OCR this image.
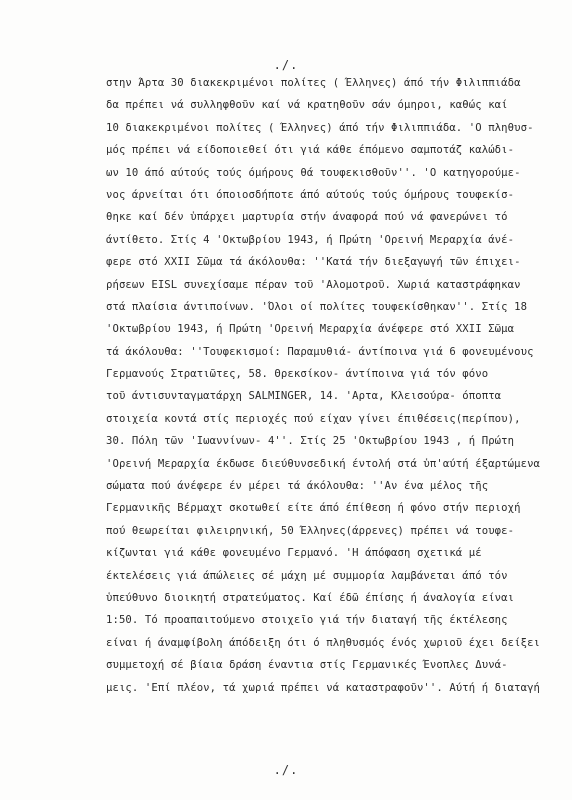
./.
στην Άρτα 30 διακεκριμένοι πολίτες ( Έλληνες) άπό τήν Φιλιππιάδα
δα πρέπει νά συλληφθοῦν καί νά κρατηθοῦν σάν όμηροι, καθώς καί
10 διακεκριμένοι πολίτες ( Έλληνες) άπό τήν Φιλιππιάδα. 'Ο πληθυσ-
μός πρέπει νά είδοποιεθεί ότι γιά κάθε έπόμενο σαμποτάζ καλώδι-
ων 10 άπό αύτούς τούς όμήρους θά τουφεκισθοῦν''. 'Ο κατηγορούμε-
νος άρνείται ότι όποιοσδήποτε άπό αύτούς τούς όμήρους τουφεκίσ-
θηκε καί δέν ὑπάρχει μαρτυρία στήν άναφορά πού νά φανερώνει τό
άντίθετο. Στίς 4 'Οκτωβρίου 1943, ή Πρώτη 'Ορεινή Μεραρχία άνέ-
φερε στό XXII Σῶμα τά άκόλουθα: ''Κατά τήν διεξαγωγή τῶν έπιχει-
ρήσεων EISL συνεχίσαμε πέραν τοῦ 'Αλομοτροῦ. Χωριά καταστράφηκαν
στά πλαίσια άντιποίνων. 'Όλοι οί πολίτες τουφεκίσθηκαν''. Στίς 18
'Οκτωβρίου 1943, ή Πρώτη 'Ορεινή Μεραρχία άνέφερε στό XXII Σῶμα
τά άκόλουθα: ''Τουφεκισμοί: Παραμυθιά- άντίποινα γιά 6 φονευμένους
Γερμανούς Στρατιῶτες, 58. Θρεκσίκον- άντίποινα γιά τόν φόνο
τοῦ άντισυνταγματάρχη SALMINGER, 14. 'Αρτα, Κλεισούρα- όποπτα
στοιχεία κοντά στίς περιοχές πού είχαν γίνει έπιθέσεις(περίπου),
30. Πόλη τῶν 'Ιωαννίνων- 4''. Στίς 25 'Οκτωβρίου 1943 , ή Πρώτη
'Ορεινή Μεραρχία έκδωσε διεύθυνσεδική έντολή στά ὑπ'αύτή έξαρτώμενα
σώματα πού άνέφερε έν μέρει τά άκόλουθα: ''Αν ένα μέλος τῆς
Γερμανικῆς Βέρμαχτ σκοτωθεί είτε άπό έπίθεση ή φόνο στήν περιοχή
πού θεωρείται φιλειρηνική, 50 Έλληνες(άρρενες) πρέπει νά τουφε-
κίζωνται γιά κάθε φονευμένο Γερμανό. 'Η άπόφαση σχετικά μέ
έκτελέσεις γιά άπώλειες σέ μάχη μέ συμμορία λαμβάνεται άπό τόν
ὑπεύθυνο διοικητή στρατεύματος. Καί έδῶ έπίσης ή άναλογία είναι
1:50. Τό προαπαιτούμενο στοιχεῖο γιά τήν διαταγή τῆς έκτέλεσης
είναι ή άναμφίβολη άπόδειξη ότι ό πληθυσμός ένός χωριοῦ έχει δείξει
συμμετοχή σέ βίαια δράση έναντια στίς Γερμανικές Ένοπλες Δυνά-
μεις. 'Επί πλέον, τά χωριά πρέπει νά καταστραφοῦν''. Αύτή ή διαταγή
./.
